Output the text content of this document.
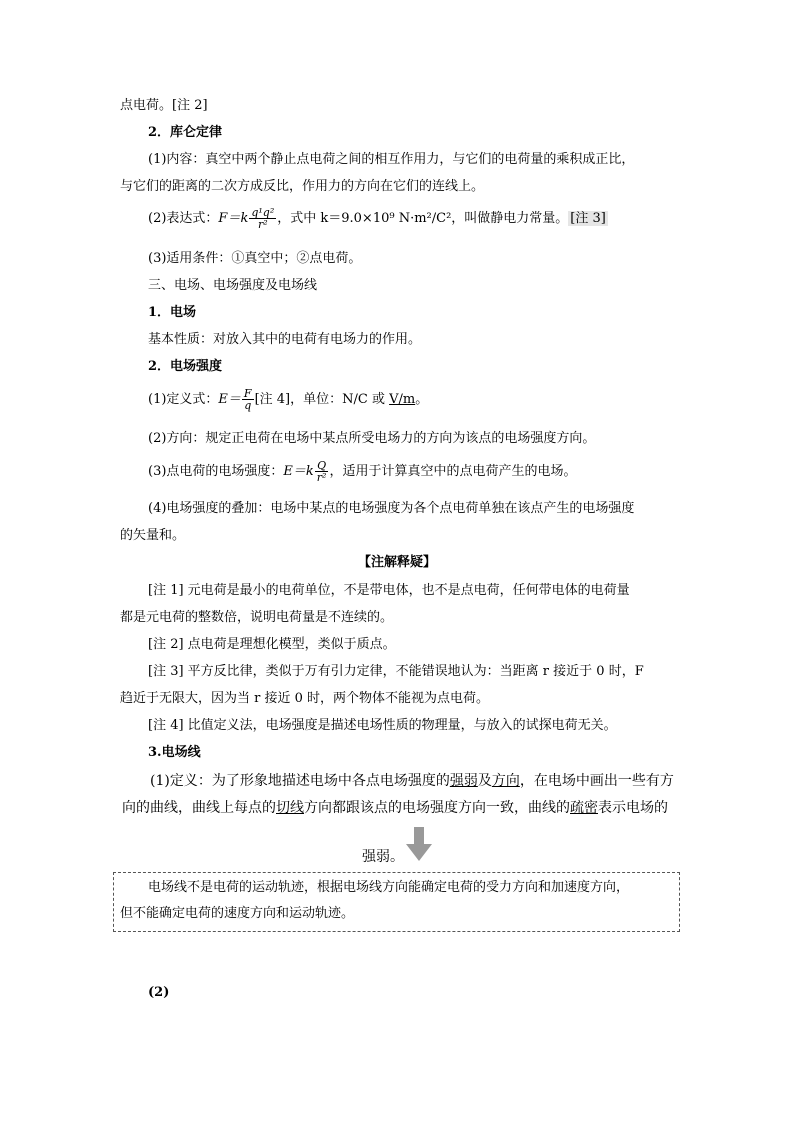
点电荷。[注 2]
2．库仑定律
(1)内容：真空中两个静止点电荷之间的相互作用力，与它们的电荷量的乘积成正比，
与它们的距离的二次方成反比，作用力的方向在它们的连线上。
(2)表达式：$F=k \frac{\text{q¹q²}}{\text{r²}}$ ，式中 k＝9.0×10⁹ N·m²/C²，叫做静电力常量。 [注 3]
(3)适用条件：①真空中；②点电荷。
三、电场、电场强度及电场线
1．电场
基本性质：对放入其中的电荷有电场力的作用。
2．电场强度
(1)定义式：$E= \frac{F}{q}$ [注 4]，单位：N/C 或 V/m。
(2)方向：规定正电荷在电场中某点所受电场力的方向为该点的电场强度方向。
(3)点电荷的电场强度：$E=k \frac{Q}{\text{r²}}$ ，适用于计算真空中的点电荷产生的电场。
(4)电场强度的叠加：电场中某点的电场强度为各个点电荷单独在该点产生的电场强度
的矢量和。
【注解释疑】
[注 1] 元电荷是最小的电荷单位，不是带电体，也不是点电荷，任何带电体的电荷量
都是元电荷的整数倍，说明电荷量是不连续的。
[注 2] 点电荷是理想化模型，类似于质点。
[注 3] 平方反比律，类似于万有引力定律，不能错误地认为：当距离 r 接近于 0 时，F
趋近于无限大，因为当 r 接近 0 时，两个物体不能视为点电荷。
[注 4] 比值定义法，电场强度是描述电场性质的物理量，与放入的试探电荷无关。
3.电场线
(1)定义：为了形象地描述电场中各点电场强度的强弱及方向，在电场中画出一些有方
向的曲线，曲线上每点的切线方向都跟该点的电场强度方向一致，曲线的疏密表示电场的
强弱。
电场线不是电荷的运动轨迹，根据电场线方向能确定电荷的受力方向和加速度方向，
但不能确定电荷的速度方向和运动轨迹。
(2)
